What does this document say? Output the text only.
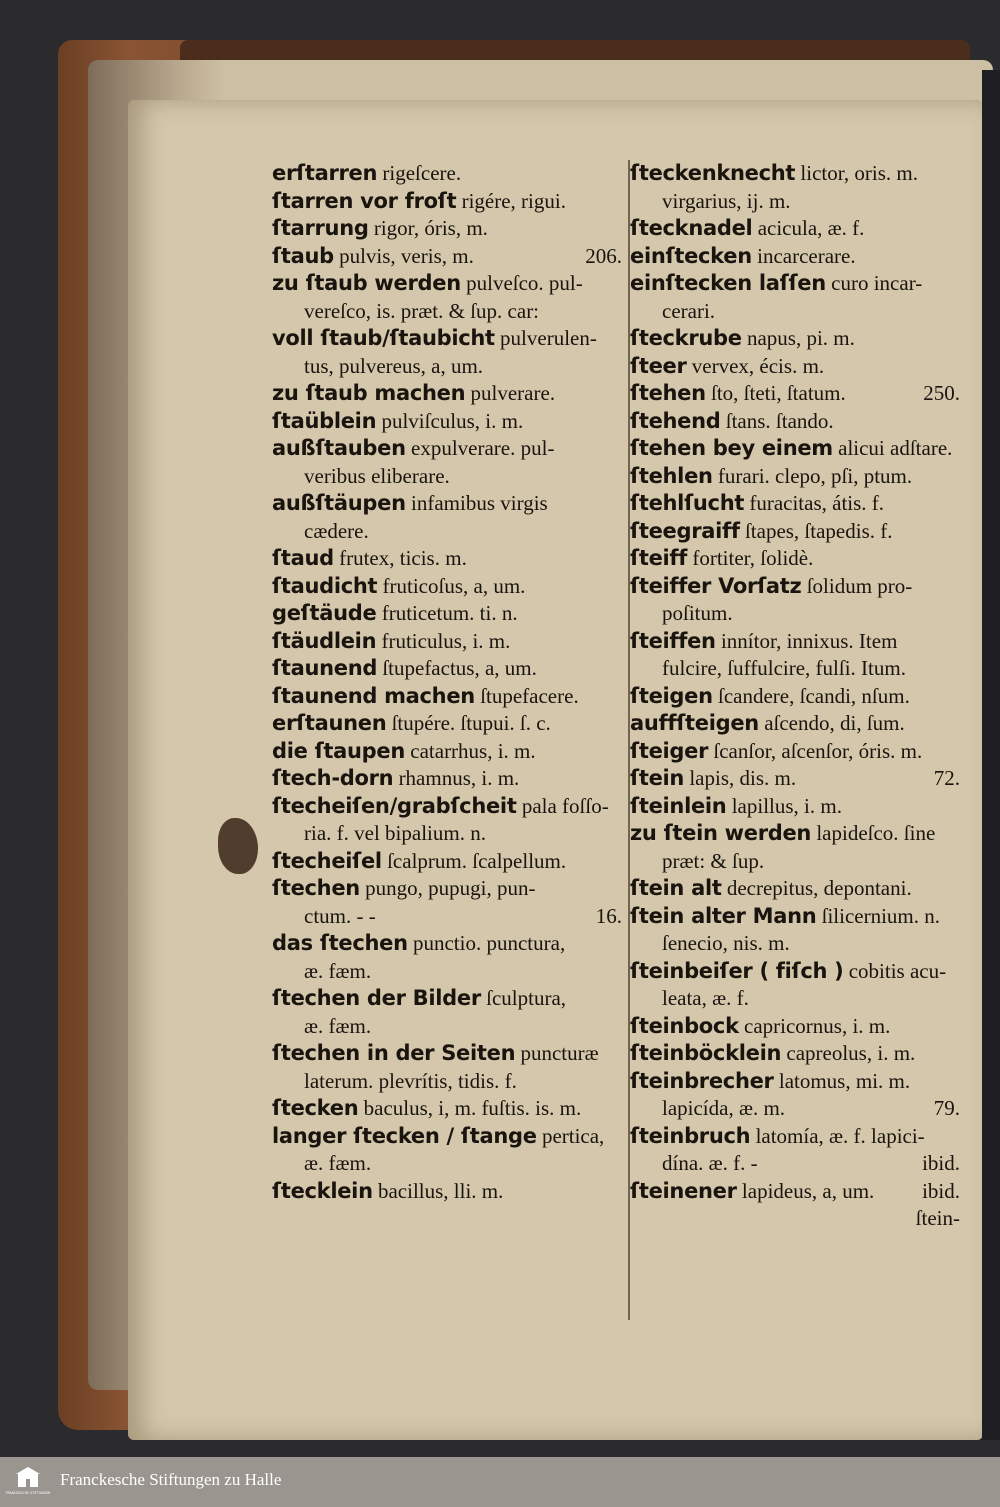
erſtarren rigeſcere.
ſtarren vor froſt rigére, rigui.
ſtarrung rigor, óris, m.
206.
ſtaub pulvis, veris, m.
zu ſtaub werden pulveſco. pul-
vereſco, is. præt. & ſup. car:
voll ſtaub/ſtaubicht pulverulen-
tus, pulvereus, a, um.
zu ſtaub machen pulverare.
ſtaüblein pulviſculus, i. m.
außſtauben expulverare. pul-
veribus eliberare.
außſtäupen infamibus virgis
cædere.
ſtaud frutex, ticis. m.
ſtaudicht fruticoſus, a, um.
geſtäude fruticetum. ti. n.
ſtäudlein fruticulus, i. m.
ſtaunend ſtupefactus, a, um.
ſtaunend machen ſtupefacere.
erſtaunen ſtupére. ſtupui. ſ. c.
die ſtaupen catarrhus, i. m.
ſtech-dorn rhamnus, i. m.
ſtecheiſen/grabſcheit pala foſſo-
ria. f. vel bipalium. n.
ſtecheiſel ſcalprum. ſcalpellum.
ſtechen pungo, pupugi, pun-
16.
ctum. - -
das ſtechen punctio. punctura,
æ. fæm.
ſtechen der Bilder ſculptura,
æ. fæm.
ſtechen in der Seiten puncturæ
laterum. plevrítis, tidis. f.
ſtecken baculus, i, m. fuſtis. is. m.
langer ſtecken / ſtange pertica,
æ. fæm.
ſtecklein bacillus, lli. m.
ſteckenknecht lictor, oris. m.
virgarius, ij. m.
ſtecknadel acicula, æ. f.
einſtecken incarcerare.
einſtecken laſſen curo incar-
cerari.
ſteckrube napus, pi. m.
ſteer vervex, écis. m.
250.
ſtehen ſto, ſteti, ſtatum.
ſtehend ſtans. ſtando.
ſtehen bey einem alicui adſtare.
ſtehlen furari. clepo, pſi, ptum.
ſtehlſucht furacitas, átis. f.
ſteegraiff ſtapes, ſtapedis. f.
ſteiff fortiter, ſolidè.
ſteiffer Vorſatz ſolidum pro-
poſitum.
ſteiffen innítor, innixus. Item
fulcire, ſuffulcire, fulſi. Itum.
ſteigen ſcandere, ſcandi, nſum.
auffſteigen aſcendo, di, ſum.
ſteiger ſcanſor, aſcenſor, óris. m.
72.
ſtein lapis, dis. m.
ſteinlein lapillus, i. m.
zu ſtein werden lapideſco. ſine
præt: & ſup.
ſtein alt decrepitus, depontani.
ſtein alter Mann ſilicernium. n.
ſenecio, nis. m.
ſteinbeiſer ( fiſch ) cobitis acu-
leata, æ. f.
ſteinbock capricornus, i. m.
ſteinböcklein capreolus, i. m.
ſteinbrecher latomus, mi. m.
79.
lapicída, æ. m.
ſteinbruch latomía, æ. f. lapici-
ibid.
dína. æ. f. -
ibid.
ſteinener lapideus, a, um.
ſtein-
FRANCKESCHE STIFTUNGEN
Franckesche Stiftungen zu Halle
